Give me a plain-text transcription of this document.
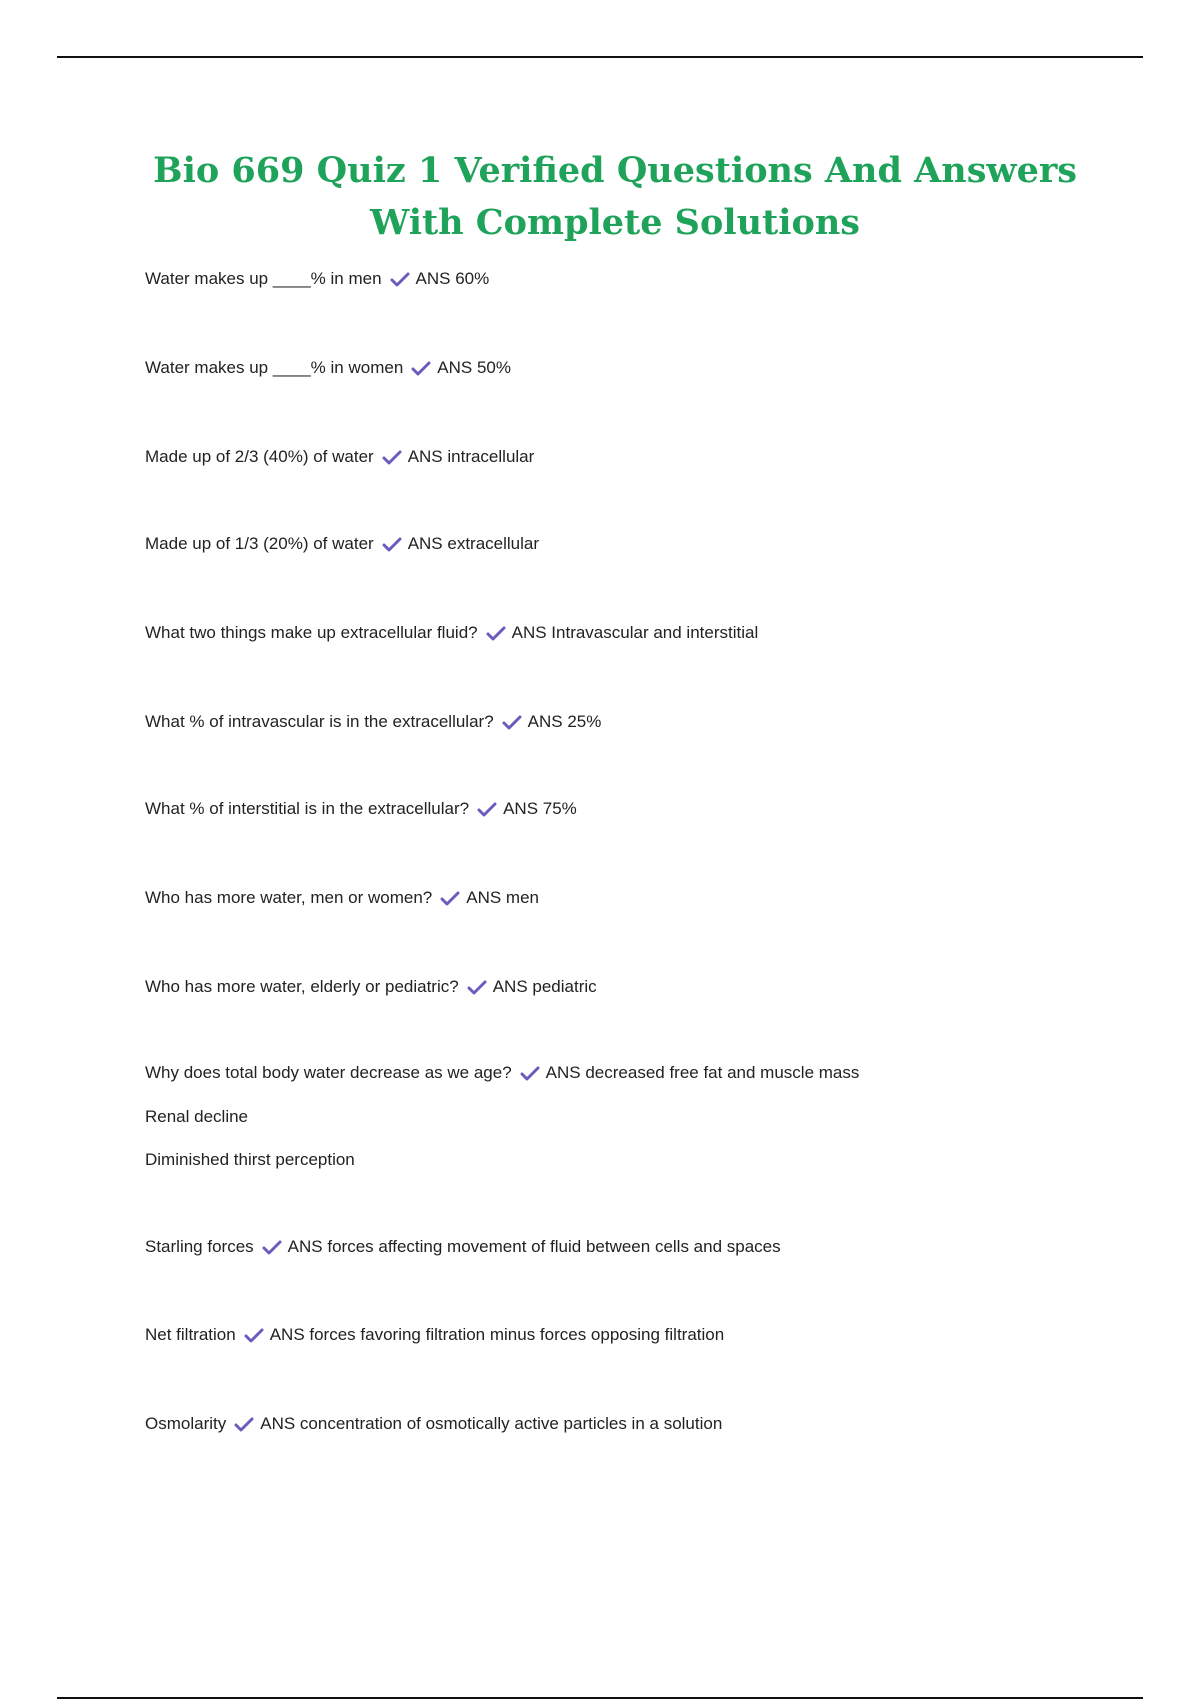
Bio 669 Quiz 1 Verified Questions And Answers With Complete Solutions
Water makes up ____% in men ANS 60%
Water makes up ____% in women ANS 50%
Made up of 2/3 (40%) of water ANS intracellular
Made up of 1/3 (20%) of water ANS extracellular
What two things make up extracellular fluid? ANS Intravascular and interstitial
What % of intravascular is in the extracellular? ANS 25%
What % of interstitial is in the extracellular? ANS 75%
Who has more water, men or women? ANS men
Who has more water, elderly or pediatric? ANS pediatric
Why does total body water decrease as we age? ANS decreased free fat and muscle mass
Renal decline
Diminished thirst perception
Starling forces ANS forces affecting movement of fluid between cells and spaces
Net filtration ANS forces favoring filtration minus forces opposing filtration
Osmolarity ANS concentration of osmotically active particles in a solution
